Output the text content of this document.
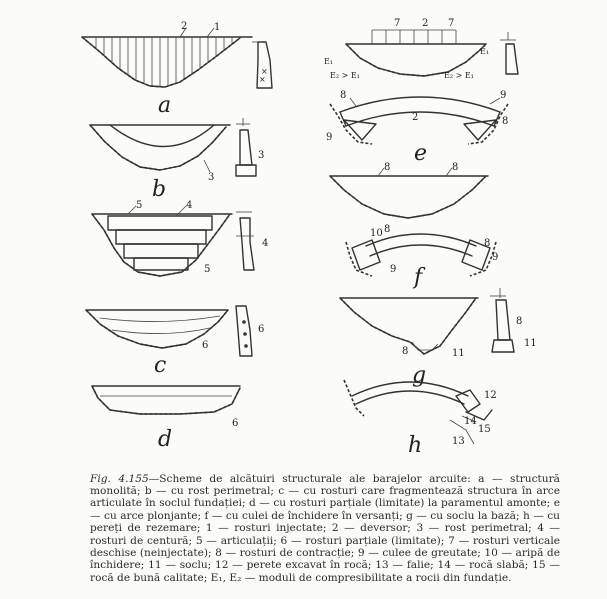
2	1
×
×
a
3
3
b
5	4
5
4
6
6
c
6
d
7 2 7
E₁
E₁
E₂ > E₁	E₂ > E₁
8	9
8
9
2
e
8	8
10 8
8
9
9
f
8	11
8
11
g
12
14
15
13
h

Fig. 4.155—Scheme de alcătuiri structurale ale barajelor arcuite: a — structură monolită; b — cu rost perimetral; c — cu rosturi care fragmentează structura în arce articulate în soclul fundației; d — cu rosturi parțiale (limitate) la paramentul amonte; e — cu arce plonjante; f — cu culei de închidere în versanți; g — cu soclu la bază; h — cu pereți de rezemare; 1 — rosturi injectate; 2 — deversor; 3 — rost perimetral; 4 — rosturi de centură; 5 — articulații; 6 — rosturi parțiale (limitate); 7 — rosturi verticale deschise (neinjectate); 8 — rosturi de contracție; 9 — culee de greutate; 10 — aripă de închidere; 11 — soclu; 12 — perete excavat în rocă; 13 — falie; 14 — rocă slabă; 15 — rocă de bună calitate; E₁, E₂ — moduli de compresibilitate a rocii din fundație.
